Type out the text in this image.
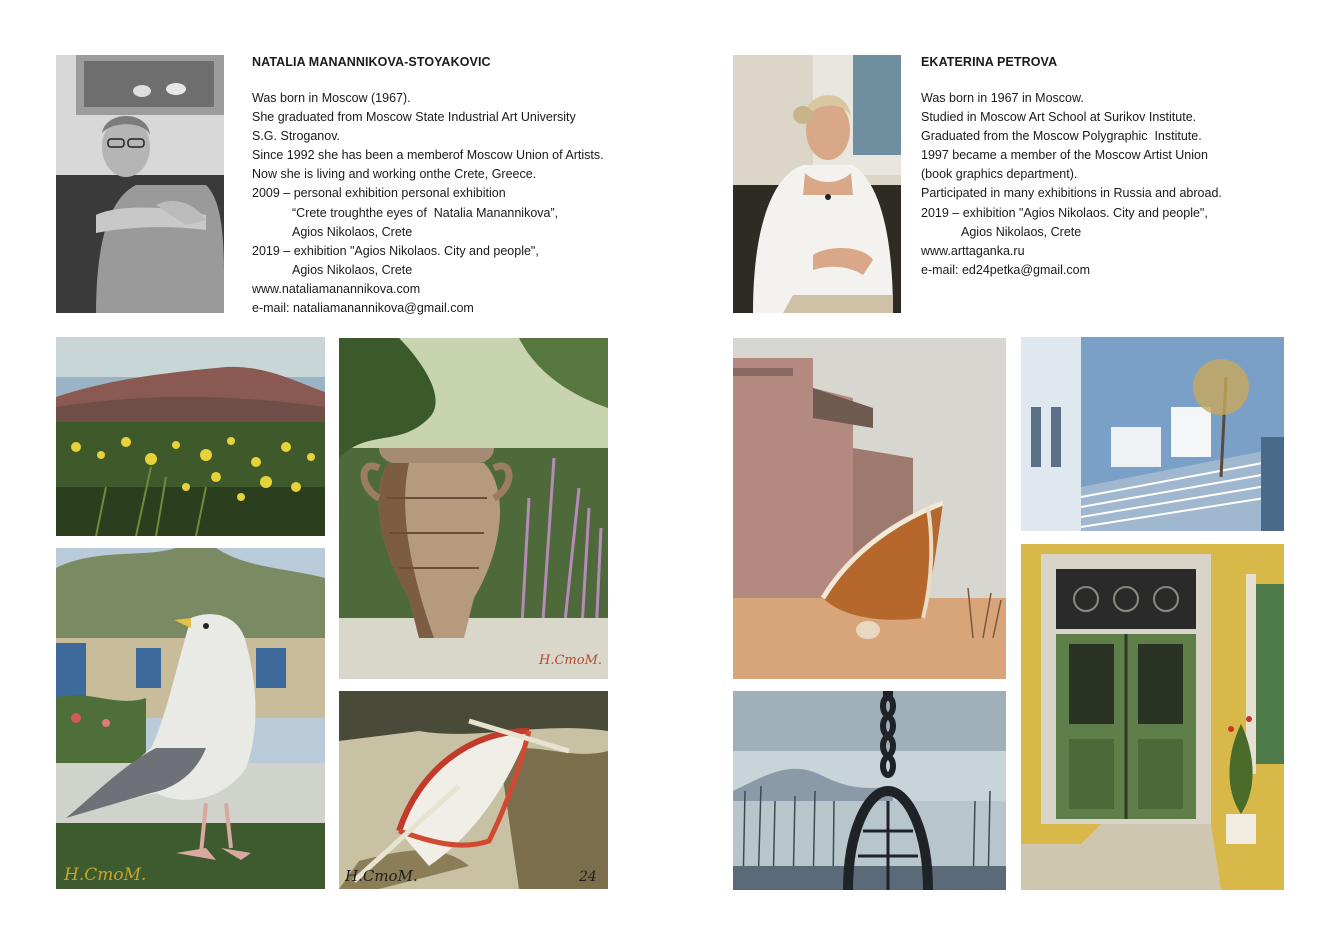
NATALIA MANANNIKOVA-STOYAKOVIC
Was born in Moscow (1967).
She graduated from Moscow State Industrial Art University
S.G. Stroganov.
Since 1992 she has been a memberof Moscow Union of Artists.
Now she is living and working onthe Crete, Greece.
2009 – personal exhibition personal exhibition
“Crete troughthe eyes of  Natalia Manannikova”,
Agios Nikolaos, Crete
2019 – exhibition "Agios Nikolaos. City and people",
Agios Nikolaos, Crete
www.nataliamanannikova.com
e-mail: nataliamanannikova@gmail.com
Н.СтоМ.
Н.СтоМ.	Н.СтоМ.	24
EKATERINA PETROVA
Was born in 1967 in Moscow.
Studied in Moscow Art School at Surikov Institute.
Graduated from the Moscow Polygraphic  Institute.
1997 became a member of the Moscow Artist Union
(book graphics department).
Participated in many exhibitions in Russia and abroad.
2019 – exhibition "Agios Nikolaos. City and people",
Agios Nikolaos, Crete
www.arttaganka.ru
e-mail: ed24petka@gmail.com
